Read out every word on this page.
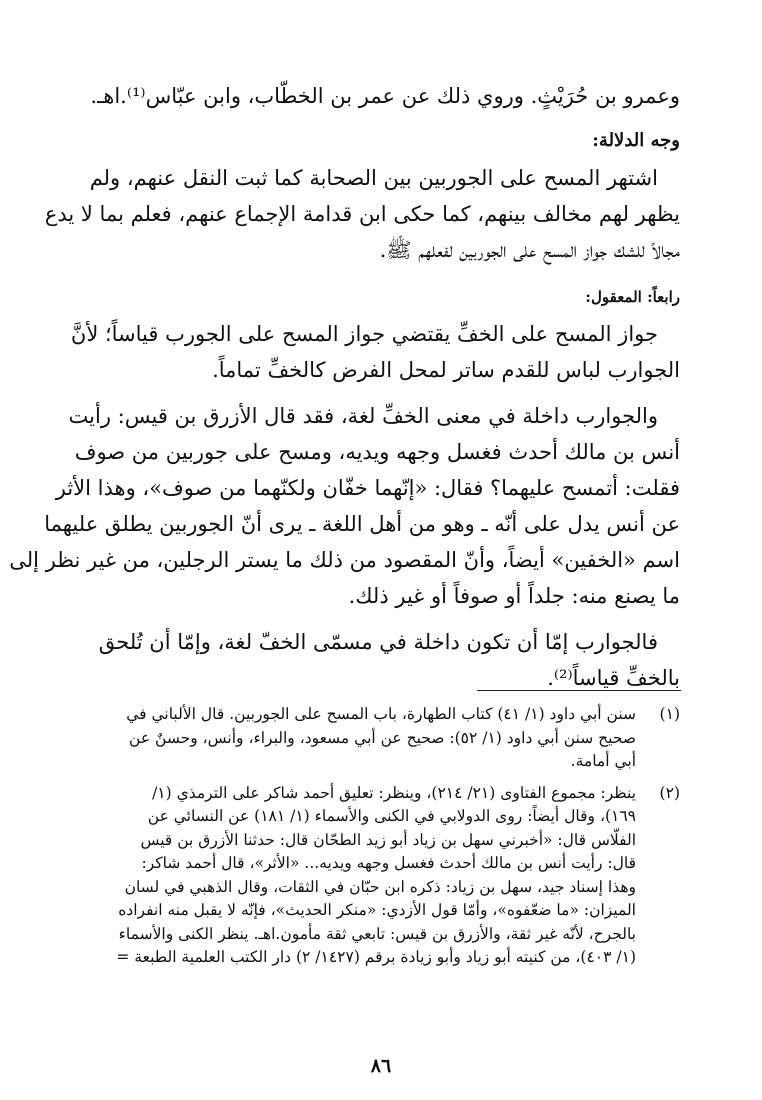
وعمرو بن حُرَيْثٍ. وروي ذلك عن عمر بن الخطّاب، وابن عبّاس⁽¹⁾.اهـ.
وجه الدلالة:
اشتهر المسح على الجوربين بين الصحابة كما ثبت النقل عنهم، ولم
يظهر لهم مخالف بينهم، كما حكى ابن قدامة الإجماع عنهم، فعلم بما لا يدع
مجالاً للشك جواز المسح على الجوربين لفعلهم ﷺ.
رابعاً: المعقول:
جواز المسح على الخفِّ يقتضي جواز المسح على الجورب قياساً؛ لأنَّ
الجوارب لباس للقدم ساتر لمحل الفرض كالخفِّ تماماً.
والجوارب داخلة في معنى الخفِّ لغة، فقد قال الأزرق بن قيس: رأيت
أنس بن مالك أحدث فغسل وجهه ويديه، ومسح على جوربين من صوف
فقلت: أتمسح عليهما؟ فقال: «إنّهما خفّان ولكنّهما من صوف»، وهذا الأثر
عن أنس يدل على أنّه ـ وهو من أهل اللغة ـ يرى أنّ الجوربين يطلق عليهما
اسم «الخفين» أيضاً، وأنّ المقصود من ذلك ما يستر الرجلين، من غير نظر إلى
ما يصنع منه: جلداً أو صوفاً أو غير ذلك.
فالجوارب إمّا أن تكون داخلة في مسمّى الخفّ لغة، وإمّا أن تُلحق
بالخفِّ قياساً⁽²⁾.
(١)
سنن أبي داود (١/ ٤١) كتاب الطهارة، باب المسح على الجوربين. قال الألباني في
صحيح سنن أبي داود (١/ ٥٢): صحيح عن أبي مسعود، والبراء، وأنس، وحسنٌ عن
أبي أمامة.
(٢)
ينظر: مجموع الفتاوى (٢١/ ٢١٤)، وينظر: تعليق أحمد شاكر على الترمذي (١/
١٦٩)، وقال أيضاً: روى الدولابي في الكنى والأسماء (١/ ١٨١) عن النسائي عن
الفلّاس قال: «أخبرني سهل بن زياد أبو زيد الطحّان قال: حدثنا الأزرق بن قيس
قال: رأيت أنس بن مالك أحدث فغسل وجهه ويديه... «الأثر»، قال أحمد شاكر:
وهذا إسناد جيد، سهل بن زياد: ذكره ابن حبّان في الثقات، وقال الذهبي في لسان
الميزان: «ما ضعّفوه»، وأمّا قول الأزدي: «منكر الحديث»، فإنّه لا يقبل منه انفراده
بالجرح، لأنّه غير ثقة، والأزرق بن قيس: تابعي ثقة مأمون.اهـ. ينظر الكنى والأسماء
(١/ ٤٠٣)، من كنيته أبو زياد وأبو زيادة برقم (١٤٢٧/ ٢) دار الكتب العلمية الطبعة =
٨٦
